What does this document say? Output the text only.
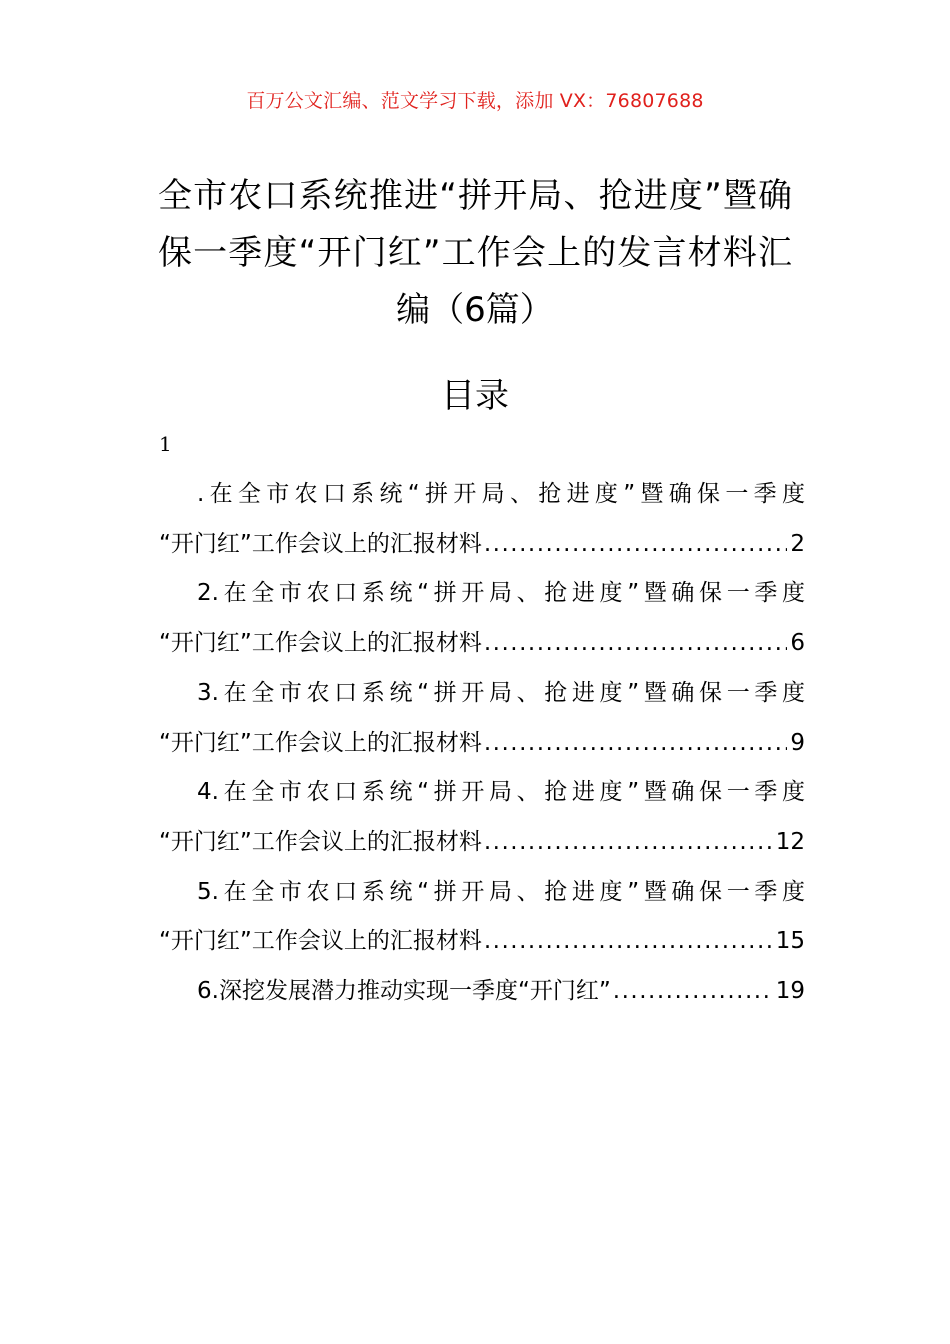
百万公文汇编、范文学习下载，添加 VX：76807688
全市农口系统推进“拼开局、抢进度”暨确保一季度“开门红”工作会上的发言材料汇编（6篇）
目录
1
.在全市农口系统“拼开局、抢进度”暨确保一季度
“开门红”工作会议上的汇报材料 .....	2
2.在全市农口系统“拼开局、抢进度”暨确保一季度
“开门红”工作会议上的汇报材料 .....	6
3.在全市农口系统“拼开局、抢进度”暨确保一季度
“开门红”工作会议上的汇报材料 .....	9
4.在全市农口系统“拼开局、抢进度”暨确保一季度
“开门红”工作会议上的汇报材料 .....	12
5.在全市农口系统“拼开局、抢进度”暨确保一季度
“开门红”工作会议上的汇报材料 .....	15
6.深挖发展潜力推动实现一季度“开门红” .....	19
